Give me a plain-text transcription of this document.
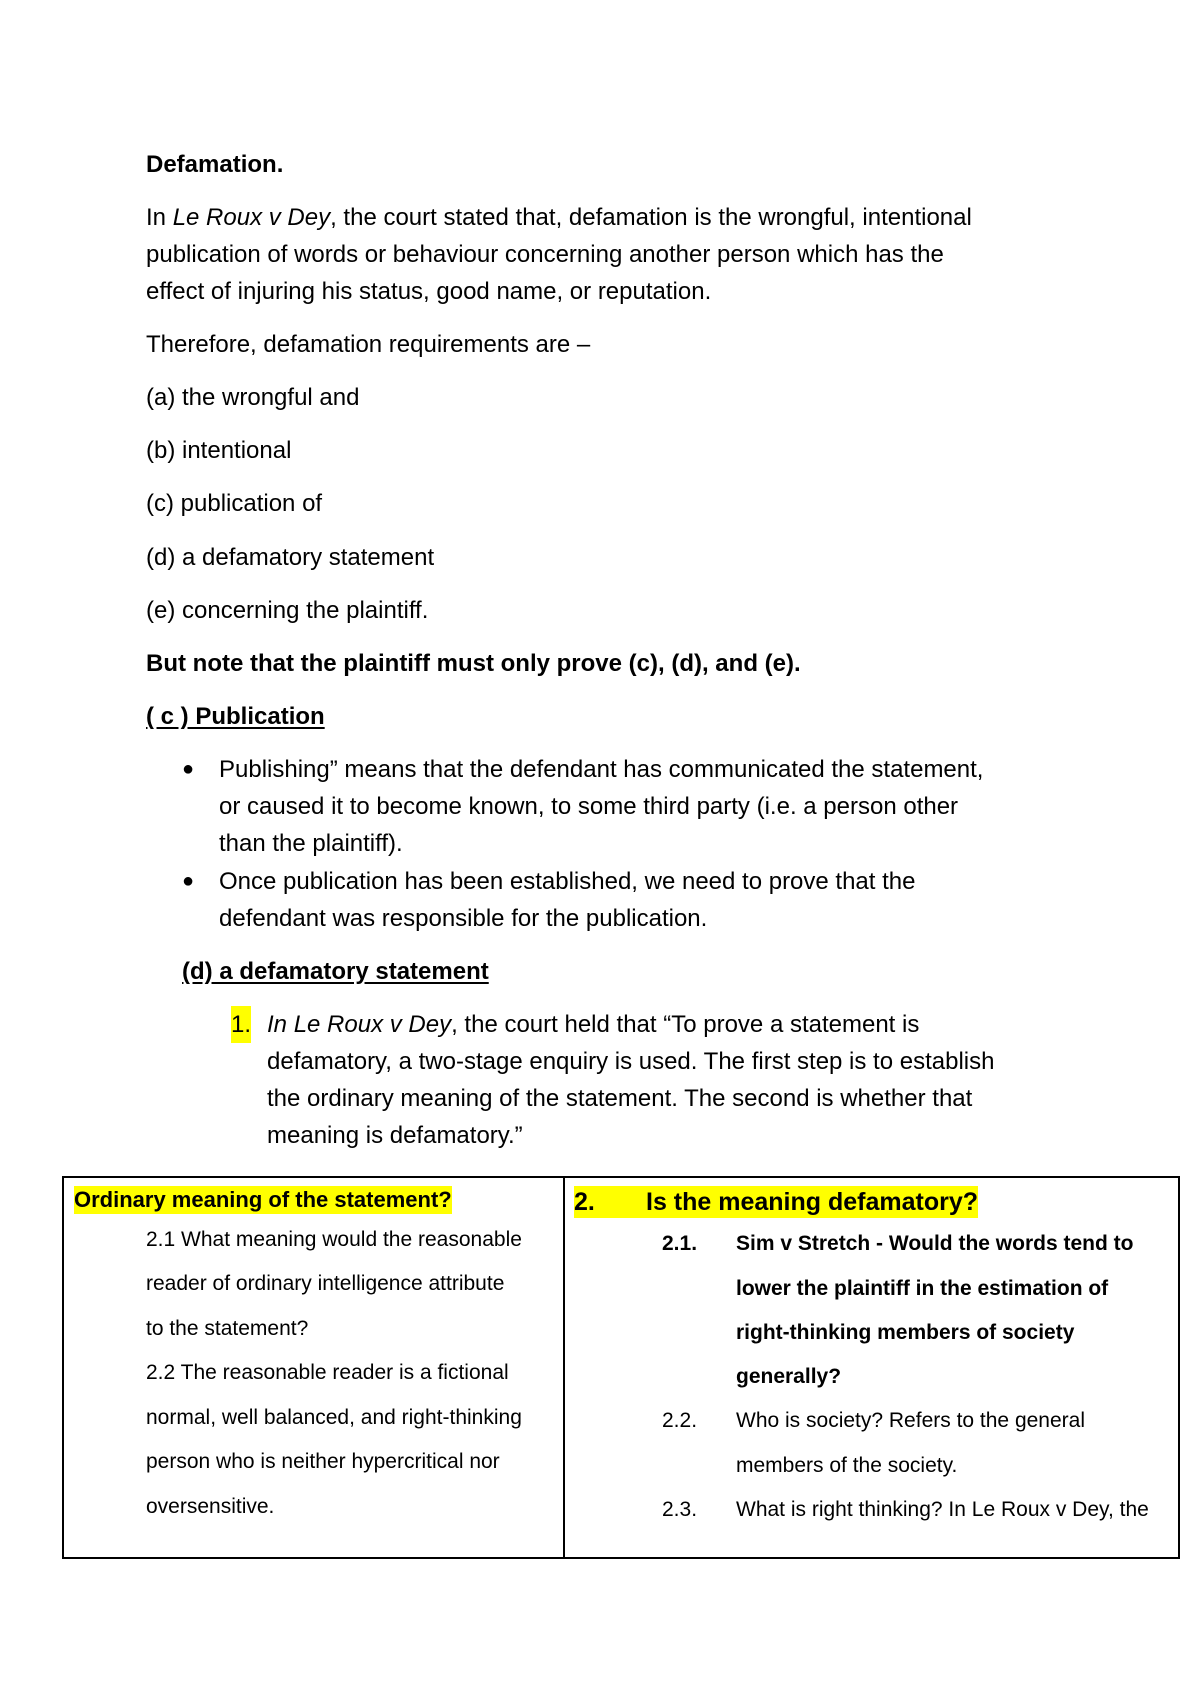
Defamation.
In Le Roux v Dey, the court stated that, defamation is the wrongful, intentional
publication of words or behaviour concerning another person which has the
effect of injuring his status, good name, or reputation.
Therefore, defamation requirements are –
(a) the wrongful and
(b) intentional
(c) publication of
(d) a defamatory statement
(e) concerning the plaintiff.
But note that the plaintiff must only prove (c), (d), and (e).
( c ) Publication
● Publishing” means that the defendant has communicated the statement,
or caused it to become known, to some third party (i.e. a person other
than the plaintiff).
● Once publication has been established, we need to prove that the
defendant was responsible for the publication.
(d) a defamatory statement
1. In Le Roux v Dey, the court held that “To prove a statement is
defamatory, a two-stage enquiry is used. The first step is to establish
the ordinary meaning of the statement. The second is whether that
meaning is defamatory.”
Ordinary meaning of the statement?
2.1 What meaning would the reasonable
reader of ordinary intelligence attribute
to the statement?
2.2 The reasonable reader is a fictional
normal, well balanced, and right-thinking
person who is neither hypercritical nor
oversensitive.
2. Is the meaning defamatory?
2.1. Sim v Stretch - Would the words tend to
lower the plaintiff in the estimation of
right-thinking members of society
generally?
2.2. Who is society? Refers to the general
members of the society.
2.3. What is right thinking? In Le Roux v Dey, the
